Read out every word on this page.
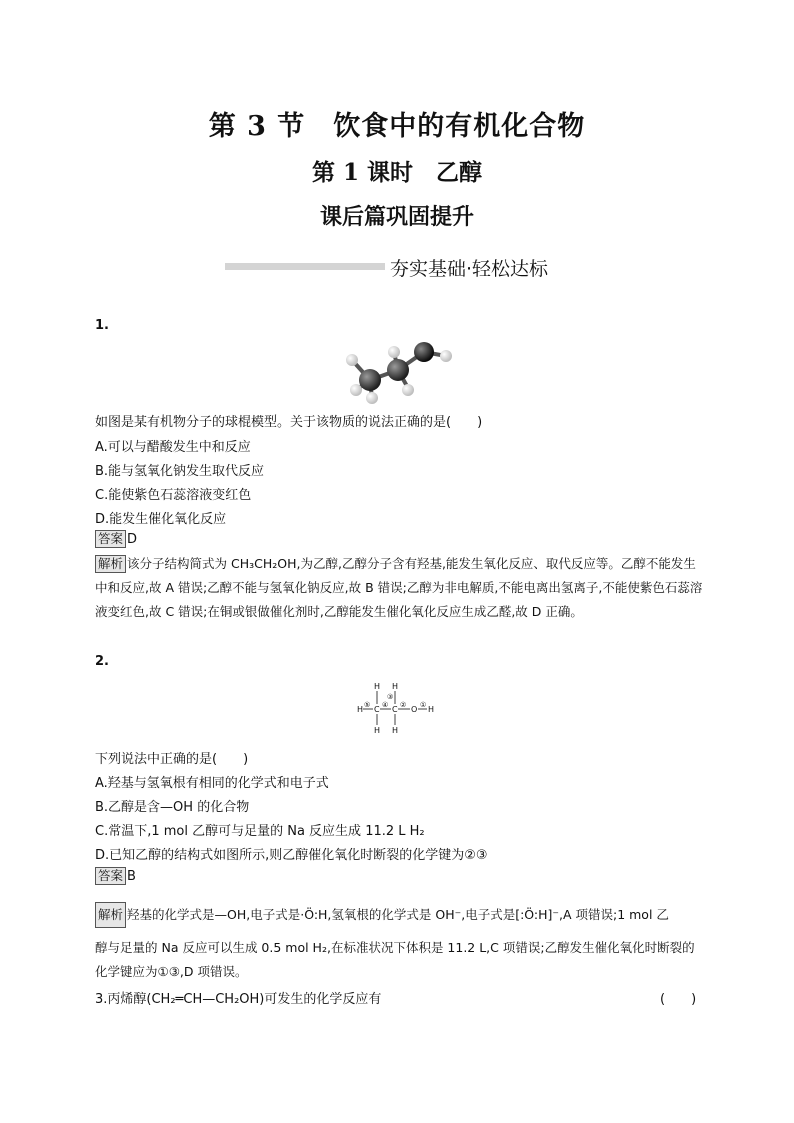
第 3 节　饮食中的有机化合物
第 1 课时　乙醇
课后篇巩固提升
夯实基础·轻松达标
1.
如图是某有机物分子的球棍模型。关于该物质的说法正确的是(　　)
A.可以与醋酸发生中和反应
B.能与氢氧化钠发生取代反应
C.能使紫色石蕊溶液变红色
D.能发生催化氧化反应
答案 D
解析 该分子结构简式为 CH₃CH₂OH,为乙醇,乙醇分子含有羟基,能发生氧化反应、取代反应等。乙醇不能发生中和反应,故 A 错误;乙醇不能与氢氧化钠反应,故 B 错误;乙醇为非电解质,不能电离出氢离子,不能使紫色石蕊溶液变红色,故 C 错误;在铜或银做催化剂时,乙醇能发生催化氧化反应生成乙醛,故 D 正确。
2.
H H
H C C O H
H H
①
②
③
④
⑤
下列说法中正确的是(　　)
A.羟基与氢氧根有相同的化学式和电子式
B.乙醇是含—OH 的化合物
C.常温下,1 mol 乙醇可与足量的 Na 反应生成 11.2 L H₂
D.已知乙醇的结构式如图所示,则乙醇催化氧化时断裂的化学键为②③
答案 B
解析 羟基的化学式是—OH,电子式是·Ö:H,氢氧根的化学式是 OH⁻,电子式是[:Ö:H]⁻,A 项错误;1 mol 乙
醇与足量的 Na 反应可以生成 0.5 mol H₂,在标准状况下体积是 11.2 L,C 项错误;乙醇发生催化氧化时断裂的化学键应为①③,D 项错误。
3.丙烯醇(CH₂═CH—CH₂OH)可发生的化学反应有	(　　)
